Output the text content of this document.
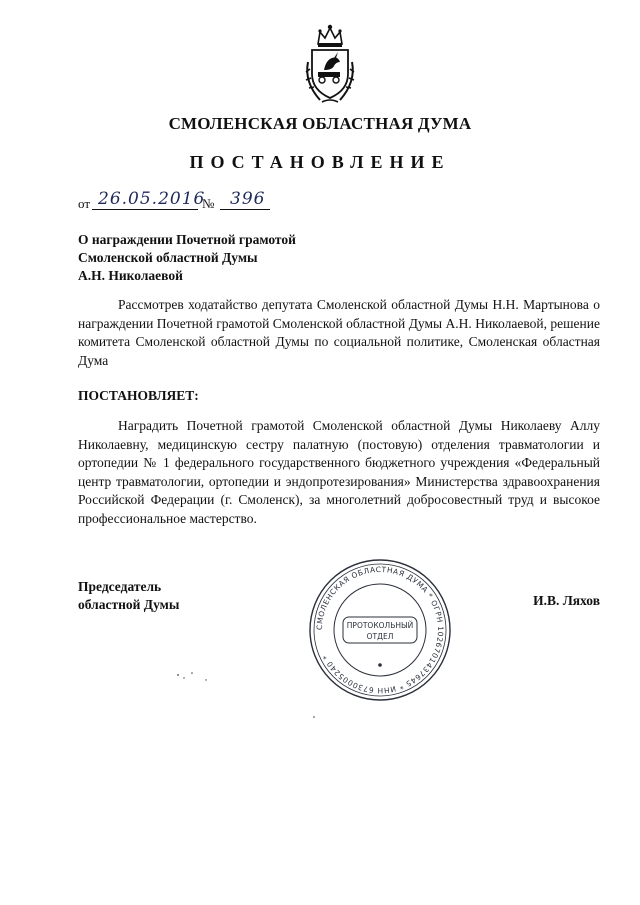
СМОЛЕНСКАЯ ОБЛАСТНАЯ ДУМА
ПОСТАНОВЛЕНИЕ
от 26.05.2016
№ 396
О награждении Почетной грамотой
Смоленской областной Думы
А.Н. Николаевой

Рассмотрев ходатайство депутата Смоленской областной Думы Н.Н. Мартынова о награждении Почетной грамотой Смоленской областной Думы А.Н. Николаевой, решение комитета Смоленской областной Думы по социальной политике, Смоленская областная Дума

ПОСТАНОВЛЯЕТ:

Наградить Почетной грамотой Смоленской областной Думы Николаеву Аллу Николаевну, медицинскую сестру палатную (постовую) отделения травматологии и ортопедии № 1 федерального государственного бюджетного учреждения «Федеральный центр травматологии, ортопедии и эндопротезирования» Министерства здравоохранения Российской Федерации (г. Смоленск), за многолетний добросовестный труд и высокое профессиональное мастерство.

Председатель
областной Думы
СМОЛЕНСКАЯ ОБЛАСТНАЯ ДУМА * ОГРН 1026701437645 * ИНН 6730005240 *
ПРОТОКОЛЬНЫЙ
ОТДЕЛ
И.В. Ляхов
